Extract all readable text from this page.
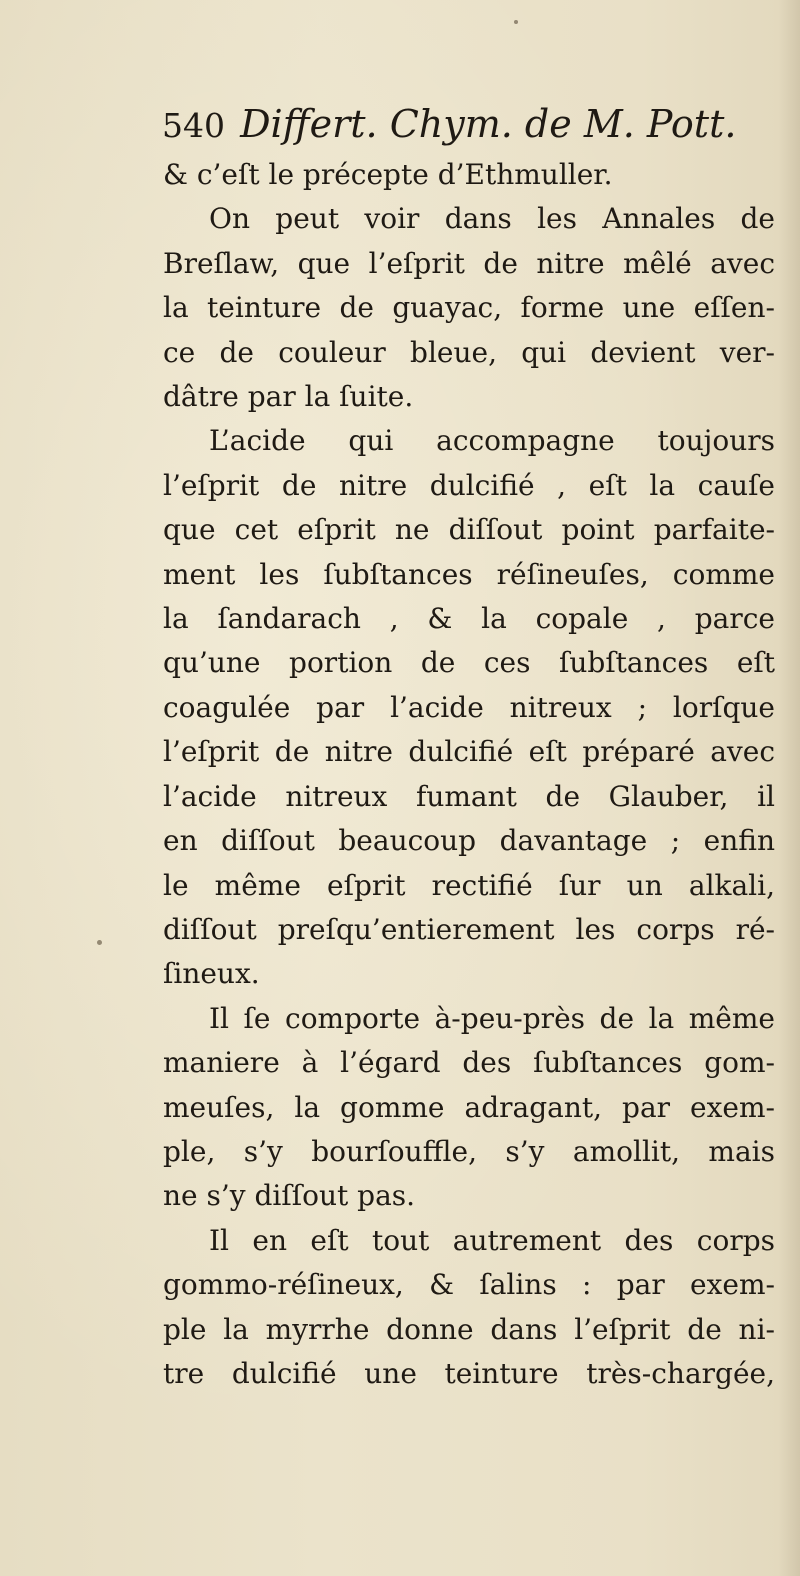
540 Differt. Chym. de M. Pott.
& c’eſt le précepte d’Ethmuller.
On peut voir dans les Annales de
Breſlaw, que l’eſprit de nitre mêlé avec
la teinture de guayac, forme une eſſen-
ce de couleur bleue, qui devient ver-
dâtre par la ſuite.
L’acide qui accompagne toujours
l’eſprit de nitre dulcifié , eſt la cauſe
que cet eſprit ne diſſout point parfaite-
ment les ſubſtances réſineuſes, comme
la ſandarach , & la copale , parce
qu’une portion de ces ſubſtances eſt
coagulée par l’acide nitreux ; lorſque
l’eſprit de nitre dulcifié eſt préparé avec
l’acide nitreux fumant de Glauber, il
en diſſout beaucoup davantage ; enfin
le même eſprit rectifié ſur un alkali,
diſſout preſqu’entierement les corps ré-
ſineux.
Il ſe comporte à-peu-près de la même
maniere à l’égard des ſubſtances gom-
meuſes, la gomme adragant, par exem-
ple, s’y bourſouffle, s’y amollit, mais
ne s’y diſſout pas.
Il en eſt tout autrement des corps
gommo-réſineux, & ſalins : par exem-
ple la myrrhe donne dans l’eſprit de ni-
tre dulcifié une teinture très-chargée,
